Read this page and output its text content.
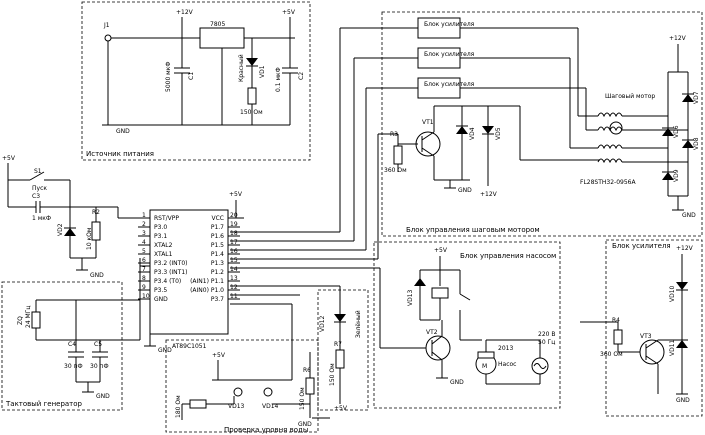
Источник питания
J1
GND
+12V
7805
+5V
C1
5000 мкФ	C2
0.1 мкФ
VD1
Красный
150 Ом
+5V
S1
Пуск
C3
1 мкФ
VD2
R2
10 кОм
GND
+5V
RST/VPP
1
P3.0
2
P3.1
3
XTAL2
4
XTAL1
5
P3.2 (INT0)
6
P3.3 (INT1)
7
P3.4 (T0)
8
P3.5
9
GND
10
VCC 20
P1.7 19
P1.6 18
P1.5 17
P1.4 16
P1.3 15
P1.2 14
(AIN1) P1.1 13
(AIN0) P1.0 12
P3.7 11
GND
Тактовый генератор
ZQ 24 МГц
C4
30 пФ
C5
30 пФ
GND
Проверка уровня воды
AT89C1051
+5V
VD13	VD14
180 Ом
R6
150 Ом
GND
VD12	Зелёный
R7
150 Ом
+5V
Блок управления шаговым мотором
Блок усилителя
Блок усилителя
Блок усилителя
R3
360 Ом
VT1
GND
VD4	VD5
+12V
Шаговый мотор
FL28STH32-0956A
+12V
GND
VD7
VD6
VD8
VD9
Блок управления насосом
+5V
VD13
VT2
GND
M
2013
Насос
220 В
50 Гц
Блок усилителя +12V
VD10
VD11
GND
R4
360 Ом
VT3
